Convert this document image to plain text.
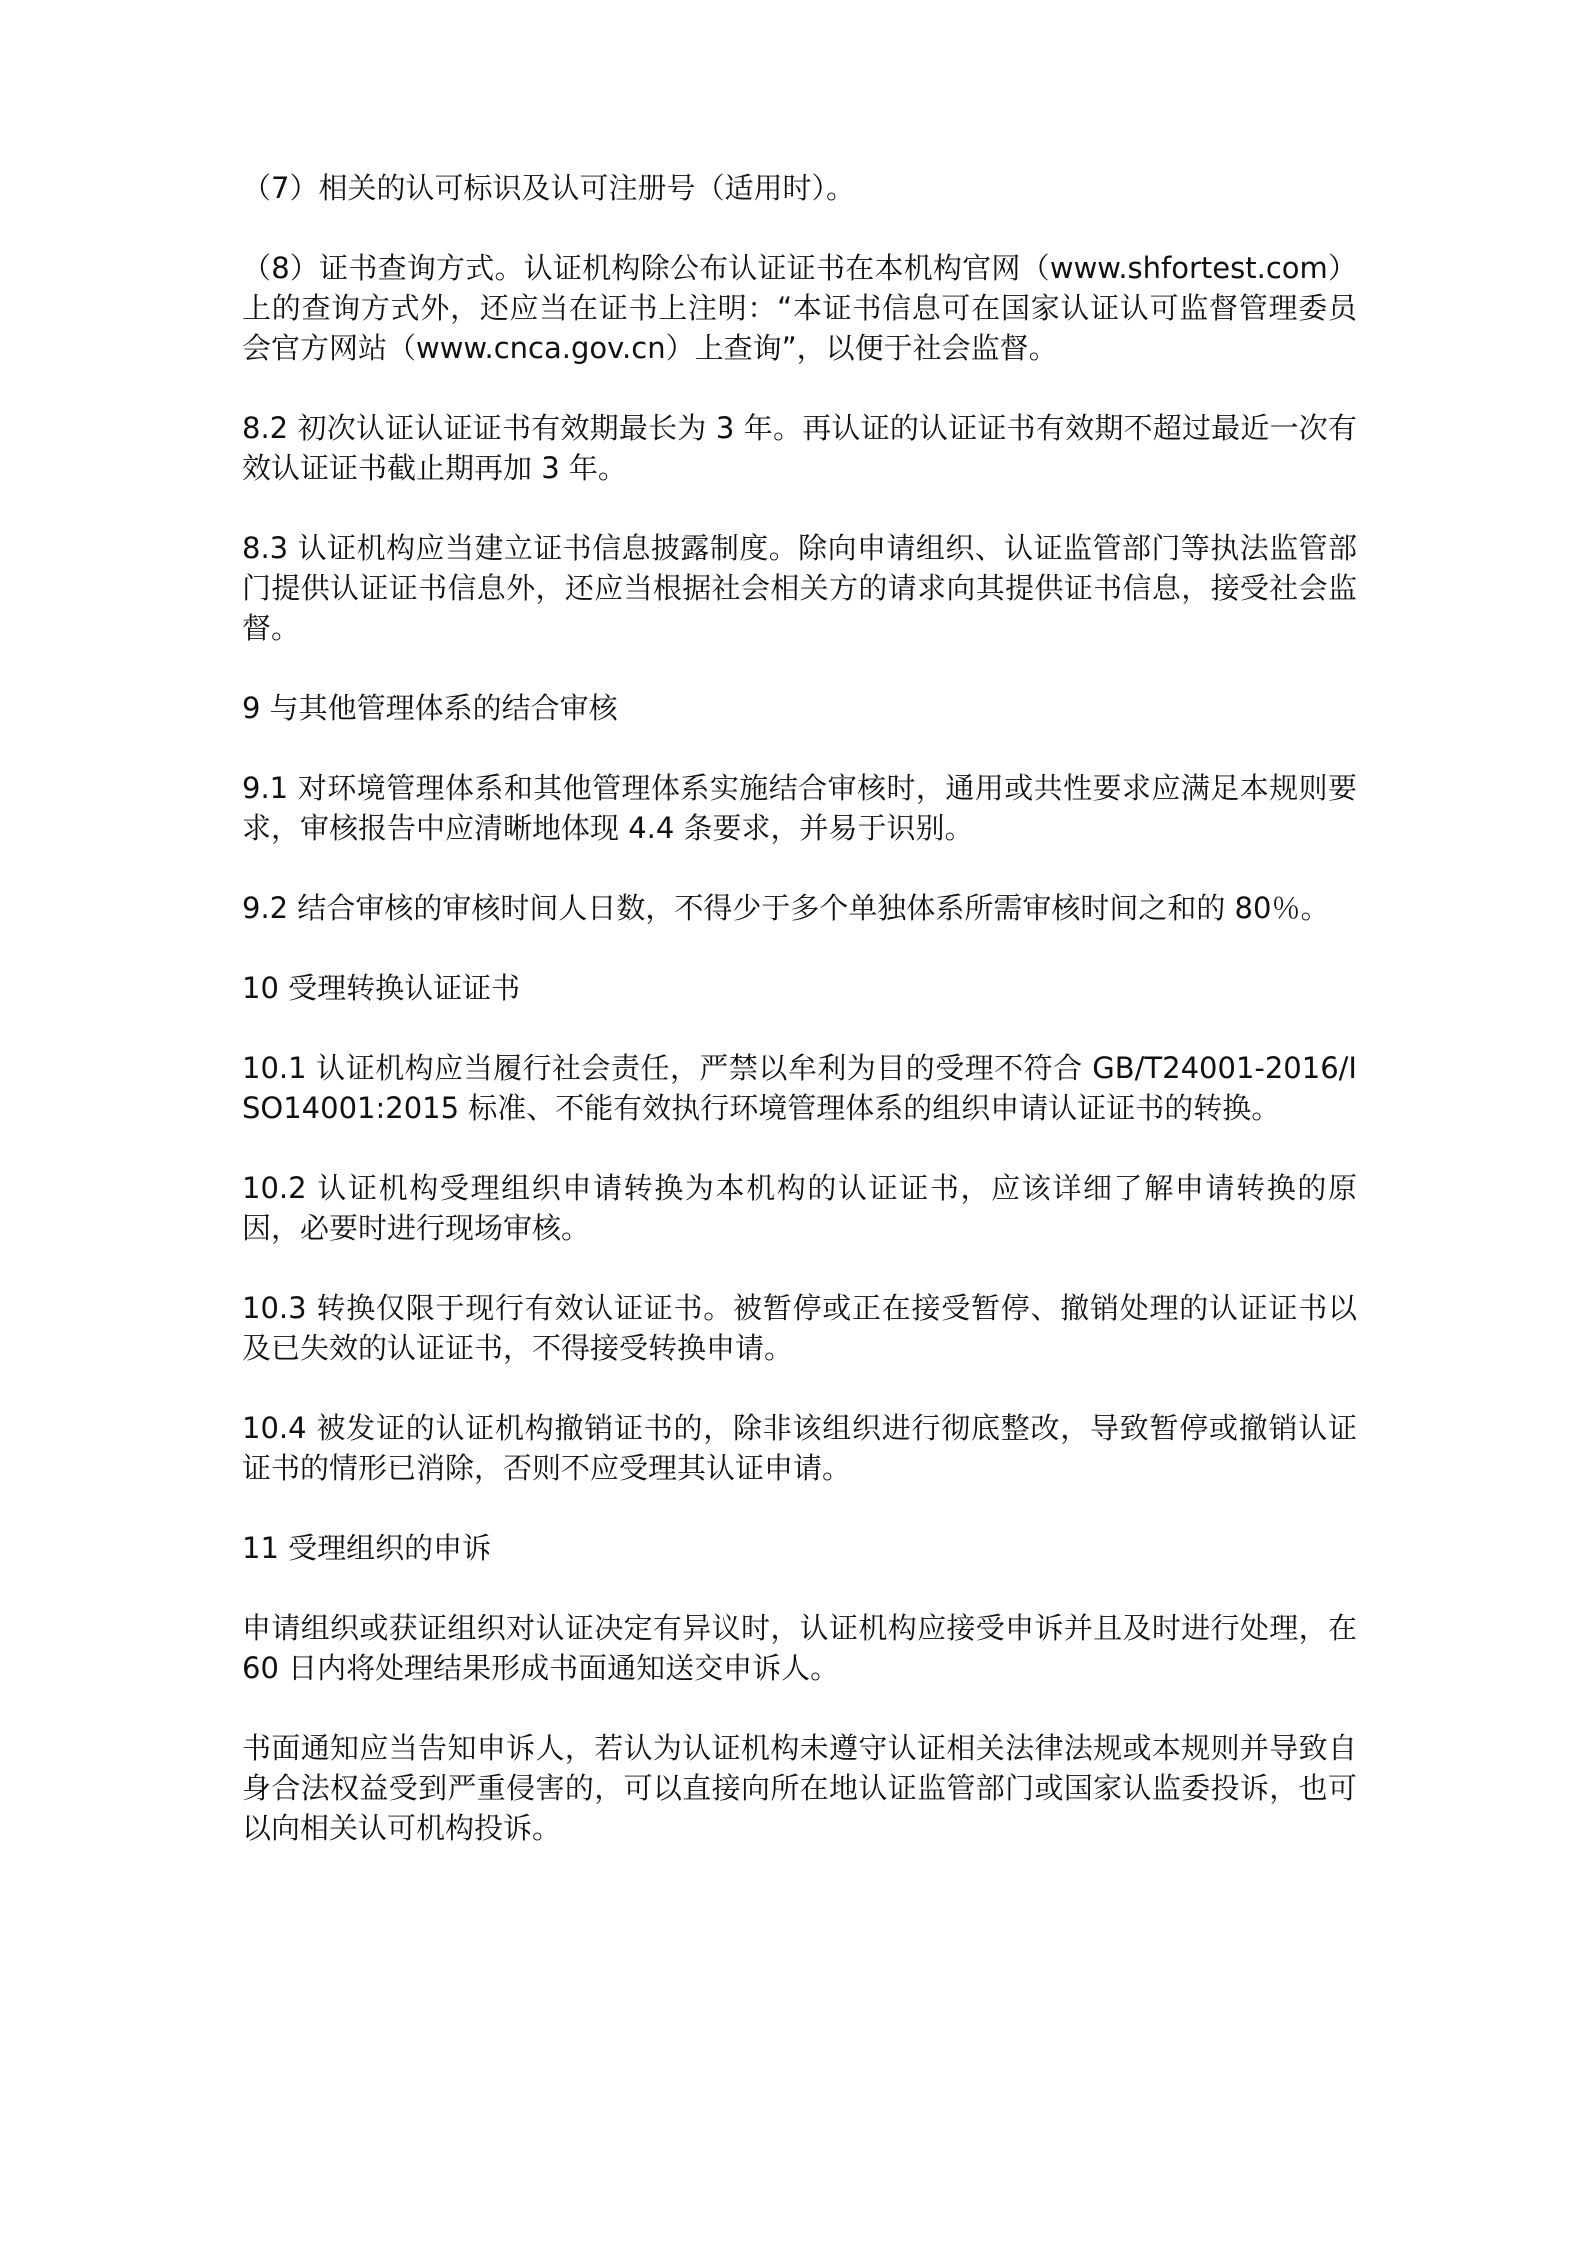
（7）相关的认可标识及认可注册号（适用时）。

（8）证书查询方式。认证机构除公布认证证书在本机构官网（www.shfortest.com）上的查询方式外，还应当在证书上注明：“本证书信息可在国家认证认可监督管理委员会官方网站（www.cnca.gov.cn）上查询”，以便于社会监督。

8.2 初次认证认证证书有效期最长为 3 年。再认证的认证证书有效期不超过最近一次有效认证证书截止期再加 3 年。

8.3 认证机构应当建立证书信息披露制度。除向申请组织、认证监管部门等执法监管部门提供认证证书信息外，还应当根据社会相关方的请求向其提供证书信息，接受社会监督。

9 与其他管理体系的结合审核

9.1 对环境管理体系和其他管理体系实施结合审核时，通用或共性要求应满足本规则要求，审核报告中应清晰地体现 4.4 条要求，并易于识别。

9.2 结合审核的审核时间人日数，不得少于多个单独体系所需审核时间之和的 80％。

10 受理转换认证证书

10.1 认证机构应当履行社会责任，严禁以牟利为目的受理不符合 GB/T24001-2016/ISO14001:2015 标准、不能有效执行环境管理体系的组织申请认证证书的转换。

10.2 认证机构受理组织申请转换为本机构的认证证书，应该详细了解申请转换的原因，必要时进行现场审核。

10.3 转换仅限于现行有效认证证书。被暂停或正在接受暂停、撤销处理的认证证书以及已失效的认证证书，不得接受转换申请。

10.4 被发证的认证机构撤销证书的，除非该组织进行彻底整改，导致暂停或撤销认证证书的情形已消除，否则不应受理其认证申请。

11 受理组织的申诉

申请组织或获证组织对认证决定有异议时，认证机构应接受申诉并且及时进行处理，在 60 日内将处理结果形成书面通知送交申诉人。

书面通知应当告知申诉人，若认为认证机构未遵守认证相关法律法规或本规则并导致自身合法权益受到严重侵害的，可以直接向所在地认证监管部门或国家认监委投诉，也可以向相关认可机构投诉。
